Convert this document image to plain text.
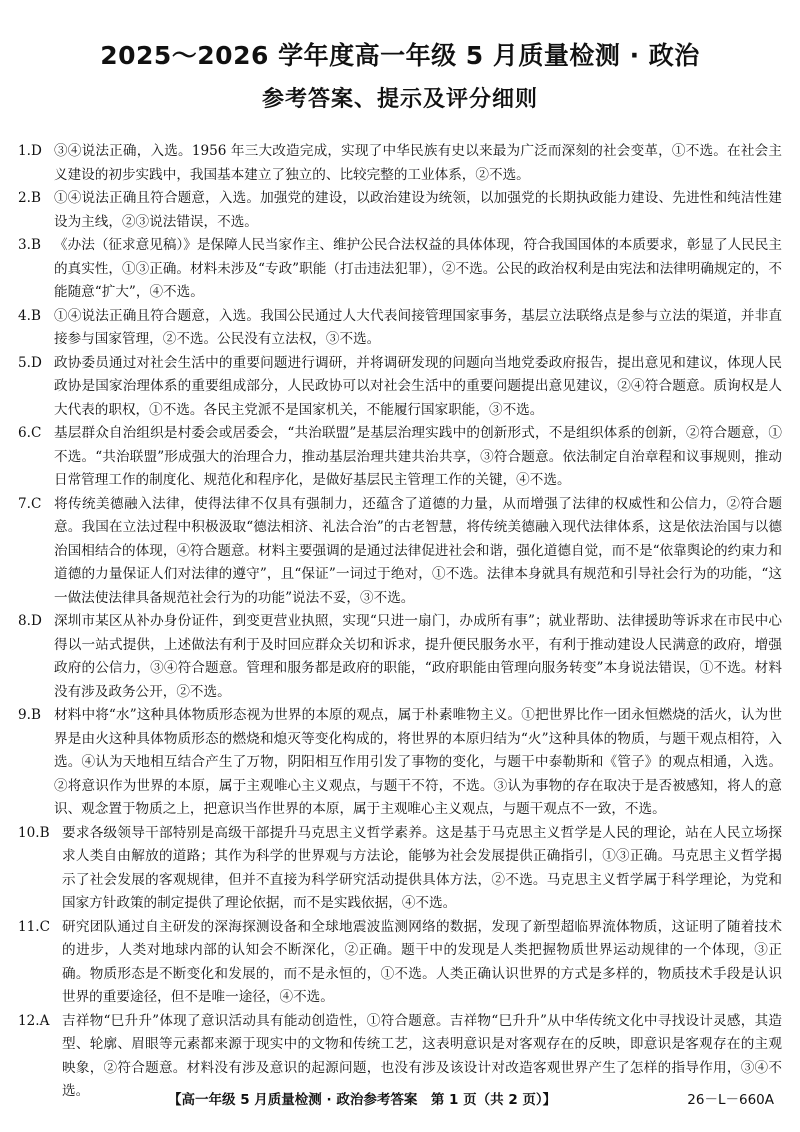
2025～2026 学年度高一年级 5 月质量检测 · 政治
参考答案、提示及评分细则
1.D ③④说法正确，入选。1956 年三大改造完成，实现了中华民族有史以来最为广泛而深刻的社会变革，①不选。在社会主义建设的初步实践中，我国基本建立了独立的、比较完整的工业体系，②不选。
2.B ①④说法正确且符合题意，入选。加强党的建设，以政治建设为统领，以加强党的长期执政能力建设、先进性和纯洁性建设为主线，②③说法错误，不选。
3.B 《办法（征求意见稿）》是保障人民当家作主、维护公民合法权益的具体体现，符合我国国体的本质要求，彰显了人民民主的真实性，①③正确。材料未涉及“专政”职能（打击违法犯罪），②不选。公民的政治权利是由宪法和法律明确规定的，不能随意“扩大”，④不选。
4.B ①④说法正确且符合题意，入选。我国公民通过人大代表间接管理国家事务，基层立法联络点是参与立法的渠道，并非直接参与国家管理，②不选。公民没有立法权，③不选。
5.D 政协委员通过对社会生活中的重要问题进行调研，并将调研发现的问题向当地党委政府报告，提出意见和建议，体现人民政协是国家治理体系的重要组成部分，人民政协可以对社会生活中的重要问题提出意见建议，②④符合题意。质询权是人大代表的职权，①不选。各民主党派不是国家机关，不能履行国家职能，③不选。
6.C 基层群众自治组织是村委会或居委会，“共治联盟”是基层治理实践中的创新形式，不是组织体系的创新，②符合题意，①不选。“共治联盟”形成强大的治理合力，推动基层治理共建共治共享，③符合题意。依法制定自治章程和议事规则，推动日常管理工作的制度化、规范化和程序化，是做好基层民主管理工作的关键，④不选。
7.C 将传统美德融入法律，使得法律不仅具有强制力，还蕴含了道德的力量，从而增强了法律的权威性和公信力，②符合题意。我国在立法过程中积极汲取“德法相济、礼法合治”的古老智慧，将传统美德融入现代法律体系，这是依法治国与以德治国相结合的体现，④符合题意。材料主要强调的是通过法律促进社会和谐，强化道德自觉，而不是“依靠舆论的约束力和道德的力量保证人们对法律的遵守”，且“保证”一词过于绝对，①不选。法律本身就具有规范和引导社会行为的功能，“这一做法使法律具备规范社会行为的功能”说法不妥，③不选。
8.D 深圳市某区从补办身份证件，到变更营业执照，实现“只进一扇门，办成所有事”；就业帮助、法律援助等诉求在市民中心得以一站式提供，上述做法有利于及时回应群众关切和诉求，提升便民服务水平，有利于推动建设人民满意的政府，增强政府的公信力，③④符合题意。管理和服务都是政府的职能，“政府职能由管理向服务转变”本身说法错误，①不选。材料没有涉及政务公开，②不选。
9.B 材料中将“水”这种具体物质形态视为世界的本原的观点，属于朴素唯物主义。①把世界比作一团永恒燃烧的活火，认为世界是由火这种具体物质形态的燃烧和熄灭等变化构成的，将世界的本原归结为“火”这种具体的物质，与题干观点相符，入选。④认为天地相互结合产生了万物，阴阳相互作用引发了事物的变化，与题干中泰勒斯和《管子》的观点相通，入选。②将意识作为世界的本原，属于主观唯心主义观点，与题干不符，不选。③认为事物的存在取决于是否被感知，将人的意识、观念置于物质之上，把意识当作世界的本原，属于主观唯心主义观点，与题干观点不一致，不选。
10.B 要求各级领导干部特别是高级干部提升马克思主义哲学素养。这是基于马克思主义哲学是人民的理论，站在人民立场探求人类自由解放的道路；其作为科学的世界观与方法论，能够为社会发展提供正确指引，①③正确。马克思主义哲学揭示了社会发展的客观规律，但并不直接为科学研究活动提供具体方法，②不选。马克思主义哲学属于科学理论，为党和国家方针政策的制定提供了理论依据，而不是实践依据，④不选。
11.C 研究团队通过自主研发的深海探测设备和全球地震波监测网络的数据，发现了新型超临界流体物质，这证明了随着技术的进步，人类对地球内部的认知会不断深化，②正确。题干中的发现是人类把握物质世界运动规律的一个体现，③正确。物质形态是不断变化和发展的，而不是永恒的，①不选。人类正确认识世界的方式是多样的，物质技术手段是认识世界的重要途径，但不是唯一途径，④不选。
12.A 吉祥物“巳升升”体现了意识活动具有能动创造性，①符合题意。吉祥物“巳升升”从中华传统文化中寻找设计灵感，其造型、轮廓、眉眼等元素都来源于现实中的文物和传统工艺，这表明意识是对客观存在的反映，即意识是客观存在的主观映象，②符合题意。材料没有涉及意识的起源问题，也没有涉及该设计对改造客观世界产生了怎样的指导作用，③④不选。
【高一年级 5 月质量检测 · 政治参考答案　第 1 页（共 2 页）】	26－L－660A
